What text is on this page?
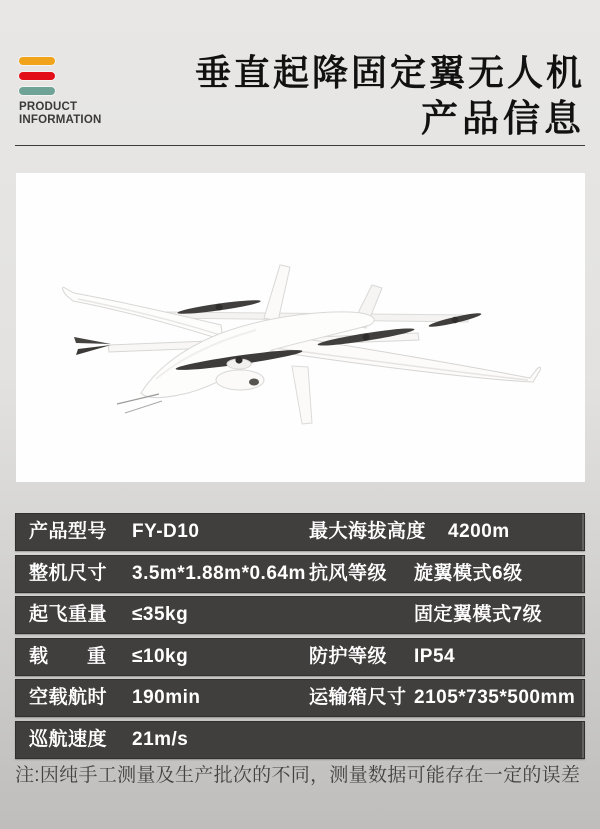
PRODUCT
INFORMATION
垂直起降固定翼无人机
产品信息
产品型号 FY-D10	最大海拔高度 4200m
整机尺寸 3.5m*1.88m*0.64m 抗风等级 旋翼模式6级
起飞重量 ≤35kg	固定翼模式7级
载重 ≤10kg	防护等级 IP54
空载航时 190min	运输箱尺寸 2105*735*500mm
巡航速度 21m/s
注:因纯手工测量及生产批次的不同，测量数据可能存在一定的误差
